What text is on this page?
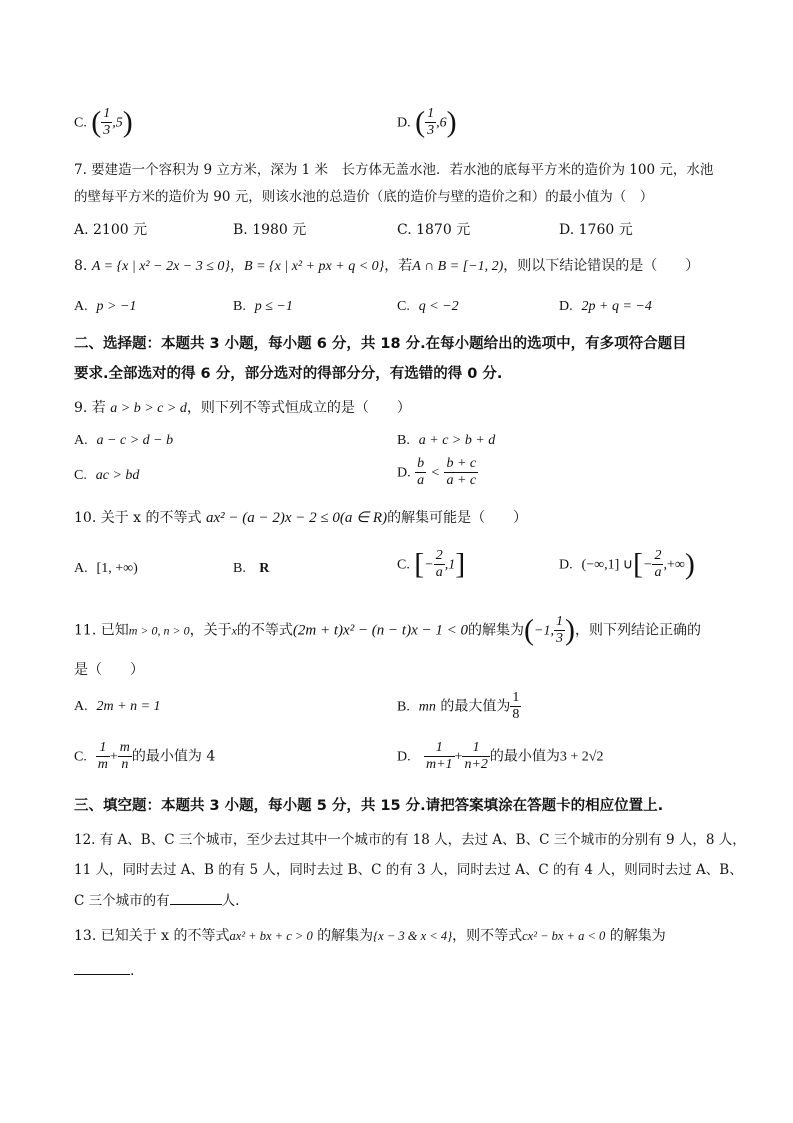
C. ( $\frac{1}{3} ,5$)	D. ( $\frac{1}{3} ,6$)
7. 要建造一个容积为 9 立方米，深为 1 米　长方体无盖水池．若水池的底每平方米的造价为 100 元，水池
的壁每平方米的造价为 90 元，则该水池的总造价（底的造价与壁的造价之和）的最小值为（　）
A. 2100 元	B. 1980 元	C. 1870 元	D. 1760 元
8. A = {x | x² − 2x − 3 ≤ 0}，B = {x | x² + px + q < 0}，若A ∩ B = [−1, 2)，则以下结论错误的是（　　）
A. p > −1	B. p ≤ −1	C. q < −2	D. 2p + q = −4
二、选择题：本题共 3 小题，每小题 6 分，共 18 分.在每小题给出的选项中，有多项符合题目
要求.全部选对的得 6 分，部分选对的得部分分，有选错的得 0 分.
9. 若 a > b > c > d，则下列不等式恒成立的是（　　）
A. a − c > d − b	B. a + c > b + d
C. ac > bd	D. $\frac{b}{a} < \frac{b + c}{a + c}$
10. 关于 x 的不等式 ax² − (a − 2)x − 2 ≤ 0(a ∈ R)的解集可能是（　　）
A. [1, +∞)	B. R	C. [− $\frac{2}{a} ,1$]	D. (−∞,1] ∪[− $\frac{2}{a}$ ,+∞)
11. 已知m > 0, n > 0，关于x的不等式(2m + t)x² − (n − t)x − 1 < 0的解集为(−1, $\frac{1}{3}$ )，则下列结论正确的
是（　　）
A. 2m + n = 1	B. mn 的最大值为 $\frac{1}{8}$
C. $\frac{1}{m} + \frac{m}{n}$ 的最小值为 4	D. $\frac{1}{m+1} + \frac{1}{n+2}$ 的最小值为3 + 2√2
三、填空题：本题共 3 小题，每小题 5 分，共 15 分.请把答案填涂在答题卡的相应位置上.
12. 有 A、B、C 三个城市，至少去过其中一个城市的有 18 人，去过 A、B、C 三个城市的分别有 9 人，8 人，
11 人，同时去过 A、B 的有 5 人，同时去过 B、C 的有 3 人，同时去过 A、C 的有 4 人，则同时去过 A、B、
C 三个城市的有	人.
13. 已知关于 x 的不等式ax² + bx + c > 0 的解集为{x − 3 & x < 4}，则不等式cx² − bx + a < 0 的解集为
.
